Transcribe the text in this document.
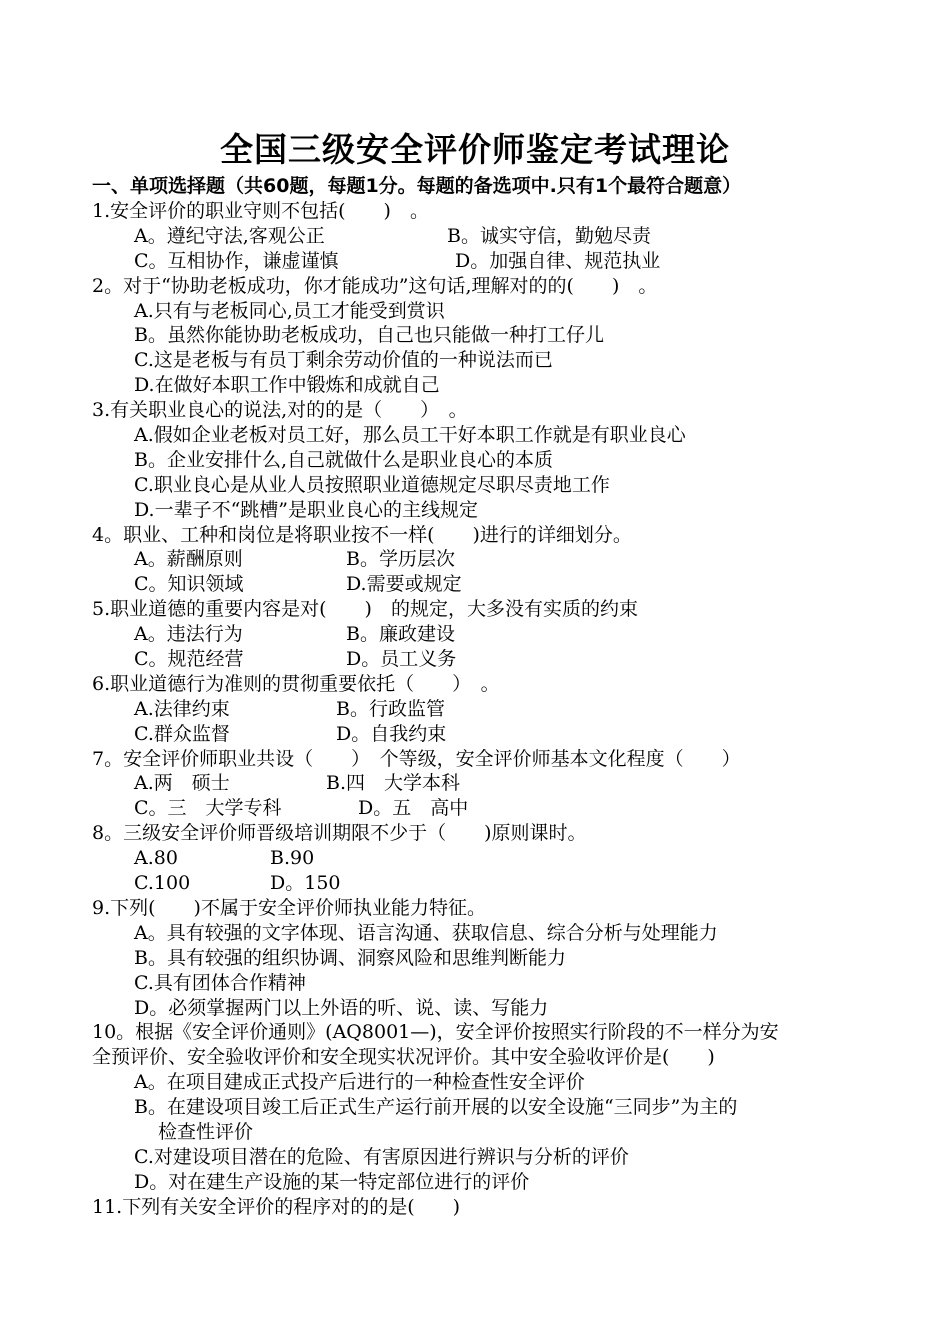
全国三级安全评价师鉴定考试理论
一、单项选择题（共60题，每题1分。每题的备选项中.只有1个最符合题意）
1.安全评价的职业守则不包括(　　)　。
A。遵纪守法,客观公正	B。诚实守信，勤勉尽责
C。互相协作，谦虚谨慎	D。加强自律、规范执业
2。对于“协助老板成功，你才能成功”这句话,理解对的的(　　)　。
A.只有与老板同心,员工才能受到赏识
B。虽然你能协助老板成功，自己也只能做一种打工仔儿
C.这是老板与有员丁剩余劳动价值的一种说法而已
D.在做好本职工作中锻炼和成就自己
3.有关职业良心的说法,对的的是（　　）　。
A.假如企业老板对员工好，那么员工干好本职工作就是有职业良心
B。企业安排什么,自己就做什么是职业良心的本质
C.职业良心是从业人员按照职业道德规定尽职尽责地工作
D.一辈子不“跳槽”是职业良心的主线规定
4。职业、工种和岗位是将职业按不一样(　　)进行的详细划分。
A。薪酬原则	B。学历层次
C。知识领域	D.需要或规定
5.职业道德的重要内容是对(　　)　的规定，大多没有实质的约束
A。违法行为	B。廉政建设
C。规范经营	D。员工义务
6.职业道德行为准则的贯彻重要依托（　　）　。
A.法律约束	B。行政监管
C.群众监督	D。自我约束
7。安全评价师职业共设（　　）　个等级，安全评价师基本文化程度（　　）
A.两　硕士	B.四　大学本科
C。三　大学专科	D。五　高中
8。三级安全评价师晋级培训期限不少于（　　)原则课时。
A.80	B.90
C.100	D。150
9.下列(　　)不属于安全评价师执业能力特征。
A。具有较强的文字体现、语言沟通、获取信息、综合分析与处理能力
B。具有较强的组织协调、洞察风险和思维判断能力
C.具有团体合作精神
D。必须掌握两门以上外语的听、说、读、写能力
10。根据《安全评价通则》(AQ8001—)，安全评价按照实行阶段的不一样分为安
全预评价、安全验收评价和安全现实状况评价。其中安全验收评价是(　　)
A。在项目建成正式投产后进行的一种检查性安全评价
B。在建设项目竣工后正式生产运行前开展的以安全设施“三同步”为主的
检查性评价
C.对建设项目潜在的危险、有害原因进行辨识与分析的评价
D。对在建生产设施的某一特定部位进行的评价
11.下列有关安全评价的程序对的的是(　　)
